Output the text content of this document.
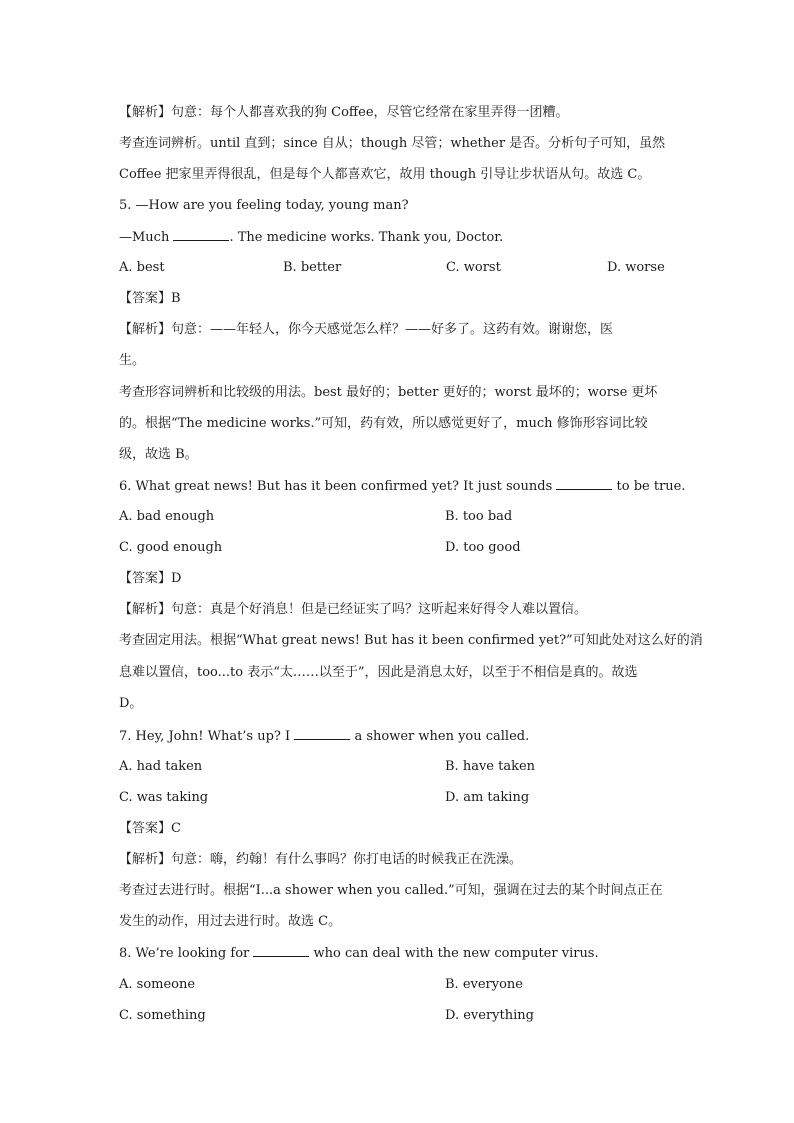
【解析】句意：每个人都喜欢我的狗 Coffee，尽管它经常在家里弄得一团糟。
考查连词辨析。until 直到；since 自从；though 尽管；whether 是否。分析句子可知，虽然
Coffee 把家里弄得很乱，但是每个人都喜欢它，故用 though 引导让步状语从句。故选 C。
5. —How are you feeling today, young man?
—Much	. The medicine works. Thank you, Doctor.
A. best	B. better	C. worst	D. worse
【答案】B
【解析】句意：——年轻人，你今天感觉怎么样？——好多了。这药有效。谢谢您，医
生。
考查形容词辨析和比较级的用法。best 最好的；better 更好的；worst 最坏的；worse 更坏
的。根据“The medicine works.”可知，药有效，所以感觉更好了，much 修饰形容词比较
级，故选 B。
6. What great news! But has it been confirmed yet? It just sounds	to be true.
A. bad enough	B. too bad
C. good enough	D. too good
【答案】D
【解析】句意：真是个好消息！但是已经证实了吗？这听起来好得令人难以置信。
考查固定用法。根据“What great news! But has it been confirmed yet?”可知此处对这么好的消
息难以置信，too...to 表示“太……以至于”，因此是消息太好，以至于不相信是真的。故选
D。
7. Hey, John! What’s up? I	a shower when you called.
A. had taken	B. have taken
C. was taking	D. am taking
【答案】C
【解析】句意：嗨，约翰！有什么事吗？你打电话的时候我正在洗澡。
考查过去进行时。根据“I...a shower when you called.”可知，强调在过去的某个时间点正在
发生的动作，用过去进行时。故选 C。
8. We’re looking for	who can deal with the new computer virus.
A. someone	B. everyone
C. something	D. everything
